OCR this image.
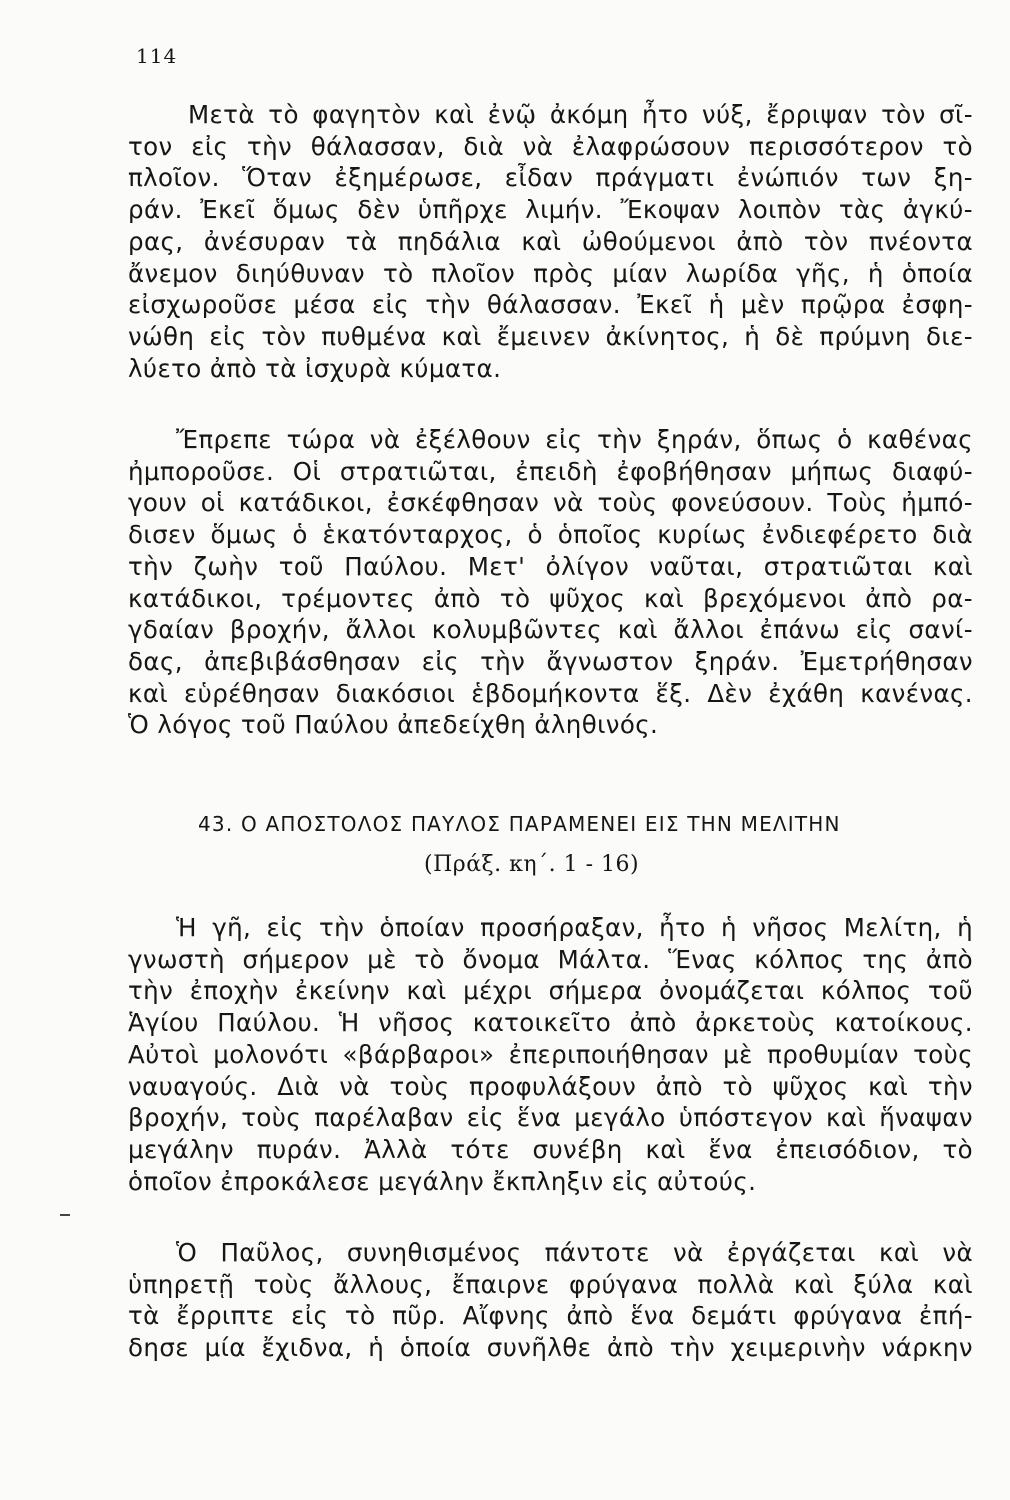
114
Μετὰ τὸ φαγητὸν καὶ ἐνῷ ἀκόμη ἦτο νύξ, ἔρριψαν τὸν σῖ-
τον εἰς τὴν θάλασσαν, διὰ νὰ ἐλαφρώσουν περισσότερον τὸ
πλοῖον. Ὅταν ἐξημέρωσε, εἶδαν πράγματι ἐνώπιόν των ξη-
ράν. Ἐκεῖ ὅμως δὲν ὑπῆρχε λιμήν. Ἔκοψαν λοιπὸν τὰς ἀγκύ-
ρας, ἀνέσυραν τὰ πηδάλια καὶ ὠθούμενοι ἀπὸ τὸν πνέοντα
ἄνεμον διηύθυναν τὸ πλοῖον πρὸς μίαν λωρίδα γῆς, ἡ ὁποία
εἰσχωροῦσε μέσα εἰς τὴν θάλασσαν. Ἐκεῖ ἡ μὲν πρῷρα ἐσφη-
νώθη εἰς τὸν πυθμένα καὶ ἔμεινεν ἀκίνητος, ἡ δὲ πρύμνη διε-
λύετο ἀπὸ τὰ ἰσχυρὰ κύματα.
Ἔπρεπε τώρα νὰ ἐξέλθουν εἰς τὴν ξηράν, ὅπως ὁ καθένας
ἠμποροῦσε. Οἱ στρατιῶται, ἐπειδὴ ἐφοβήθησαν μήπως διαφύ-
γουν οἱ κατάδικοι, ἐσκέφθησαν νὰ τοὺς φονεύσουν. Τοὺς ἠμπό-
δισεν ὅμως ὁ ἑκατόνταρχος, ὁ ὁποῖος κυρίως ἐνδιεφέρετο διὰ
τὴν ζωὴν τοῦ Παύλου. Μετ' ὀλίγον ναῦται, στρατιῶται καὶ
κατάδικοι, τρέμοντες ἀπὸ τὸ ψῦχος καὶ βρεχόμενοι ἀπὸ ρα-
γδαίαν βροχήν, ἄλλοι κολυμβῶντες καὶ ἄλλοι ἐπάνω εἰς σανί-
δας, ἀπεβιβάσθησαν εἰς τὴν ἄγνωστον ξηράν. Ἐμετρήθησαν
καὶ εὑρέθησαν διακόσιοι ἑβδομήκοντα ἕξ. Δὲν ἐχάθη κανένας.
Ὁ λόγος τοῦ Παύλου ἀπεδείχθη ἀληθινός.
43. Ο ΑΠΟΣΤΟΛΟΣ ΠΑΥΛΟΣ ΠΑΡΑΜΕΝΕΙ ΕΙΣ ΤΗΝ ΜΕΛΙΤΗΝ
(Πράξ. κη΄. 1 - 16)
Ἡ γῆ, εἰς τὴν ὁποίαν προσήραξαν, ἦτο ἡ νῆσος Μελίτη, ἡ
γνωστὴ σήμερον μὲ τὸ ὄνομα Μάλτα. Ἕνας κόλπος της ἀπὸ
τὴν ἐποχὴν ἐκείνην καὶ μέχρι σήμερα ὀνομάζεται κόλπος τοῦ
Ἁγίου Παύλου. Ἡ νῆσος κατοικεῖτο ἀπὸ ἀρκετοὺς κατοίκους.
Αὐτοὶ μολονότι «βάρβαροι» ἐπεριποιήθησαν μὲ προθυμίαν τοὺς
ναυαγούς. Διὰ νὰ τοὺς προφυλάξουν ἀπὸ τὸ ψῦχος καὶ τὴν
βροχήν, τοὺς παρέλαβαν εἰς ἕνα μεγάλο ὑπόστεγον καὶ ἥναψαν
μεγάλην πυράν. Ἀλλὰ τότε συνέβη καὶ ἕνα ἐπεισόδιον, τὸ
ὁποῖον ἐπροκάλεσε μεγάλην ἔκπληξιν εἰς αὐτούς.
Ὁ Παῦλος, συνηθισμένος πάντοτε νὰ ἐργάζεται καὶ νὰ
ὑπηρετῇ τοὺς ἄλλους, ἔπαιρνε φρύγανα πολλὰ καὶ ξύλα καὶ
τὰ ἔρριπτε εἰς τὸ πῦρ. Αἴφνης ἀπὸ ἕνα δεμάτι φρύγανα ἐπή-
δησε μία ἔχιδνα, ἡ ὁποία συνῆλθε ἀπὸ τὴν χειμερινὴν νάρκην
